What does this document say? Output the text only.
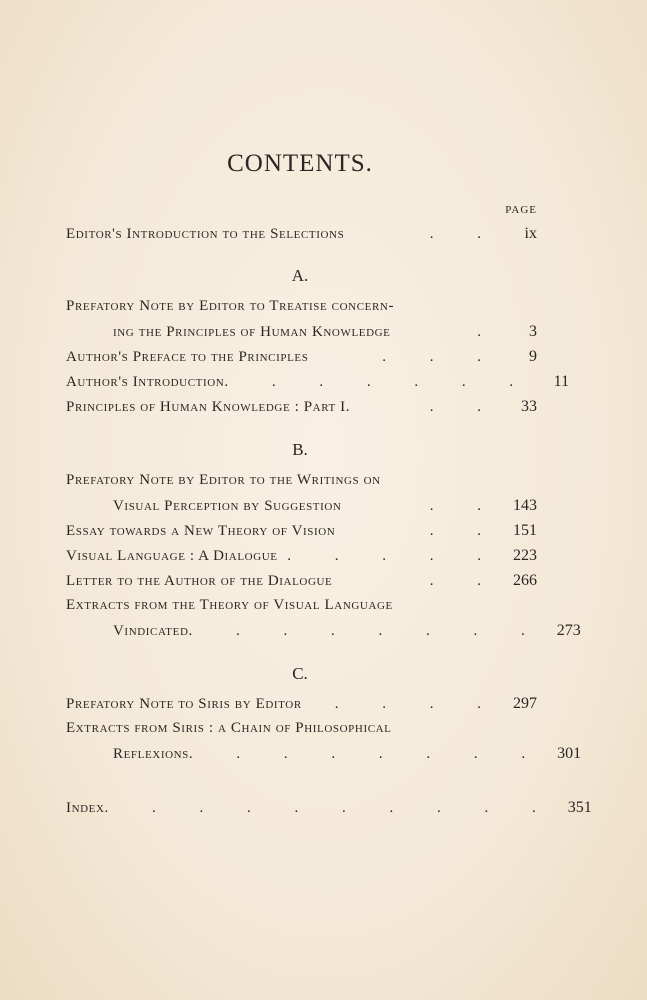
CONTENTS.
PAGE
Editor's Introduction to the Selections	. .	ix
A.
Prefatory Note by Editor to Treatise concern-
ing the Principles of Human Knowledge	.	3
Author's Preface to the Principles	. . .	9
Author's Introduction . . . . . . .	11
Principles of Human Knowledge : Part I.	. .	33
B.
Prefatory Note by Editor to the Writings on
Visual Perception by Suggestion	. . 143
Essay towards a New Theory of Vision	. . 151
Visual Language : A Dialogue . . . . . 223
Letter to the Author of the Dialogue	. . 266
Extracts from the Theory of Visual Language
Vindicated . . . . . . . . 273
C.
Prefatory Note to Siris by Editor	. . . . 297
Extracts from Siris : a Chain of Philosophical
Reflexions . . . . . . . . 301
Index . . . . . . . . . . 351
